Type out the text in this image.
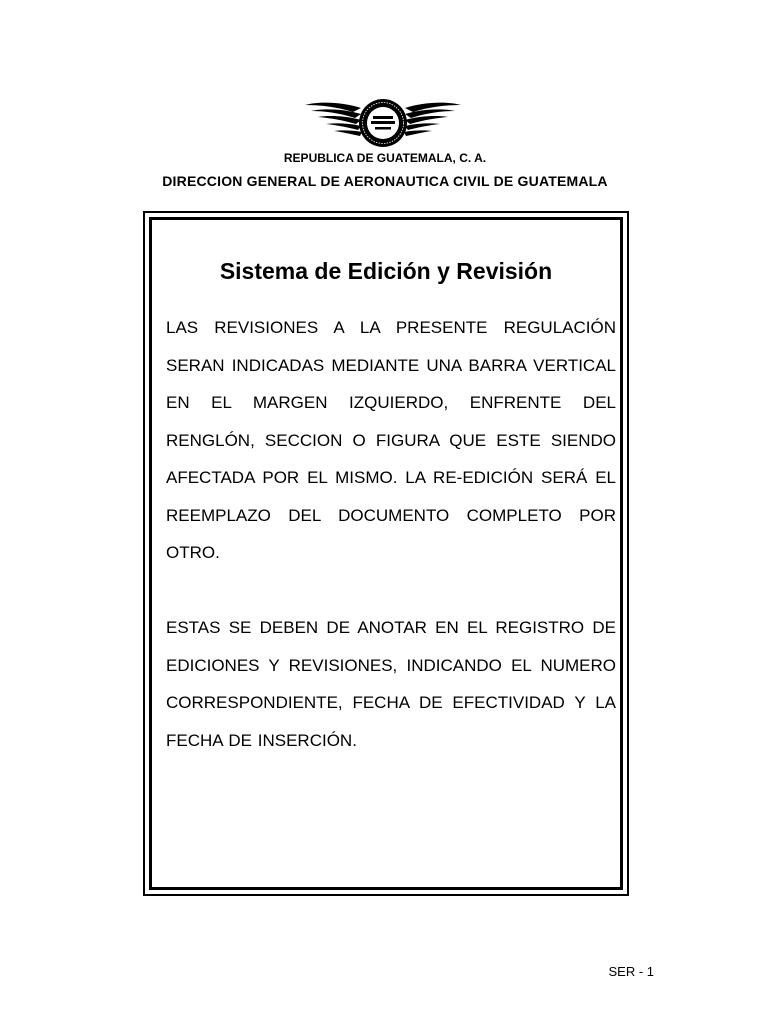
REPUBLICA DE GUATEMALA, C. A.
DIRECCION GENERAL DE AERONAUTICA CIVIL DE GUATEMALA
Sistema de Edición y Revisión

LAS REVISIONES A LA PRESENTE REGULACIÓN SERAN INDICADAS MEDIANTE UNA BARRA VERTICAL EN EL MARGEN IZQUIERDO, ENFRENTE DEL RENGLÓN, SECCION O FIGURA QUE ESTE SIENDO AFECTADA POR EL MISMO. LA RE-EDICIÓN SERÁ EL REEMPLAZO DEL DOCUMENTO COMPLETO POR OTRO.

ESTAS SE DEBEN DE ANOTAR EN EL REGISTRO DE EDICIONES Y REVISIONES, INDICANDO EL NUMERO CORRESPONDIENTE, FECHA DE EFECTIVIDAD Y LA FECHA DE INSERCIÓN.

SER - 1
